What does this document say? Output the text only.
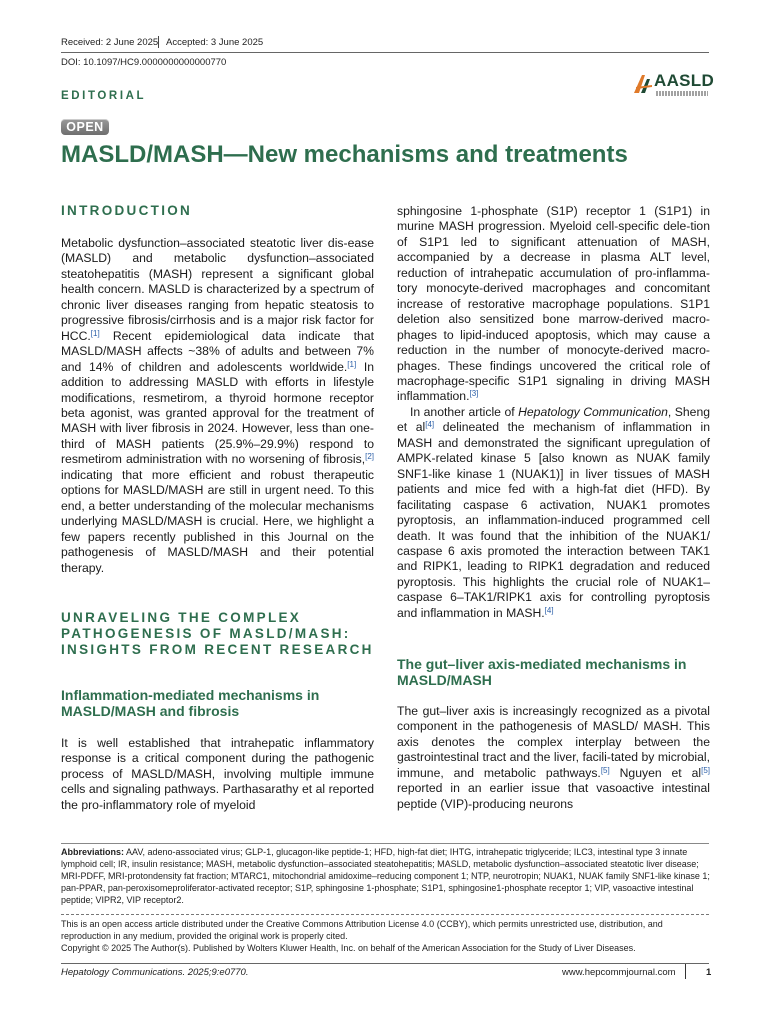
Received: 2 June 2025 Accepted: 3 June 2025
DOI: 10.1097/HC9.0000000000000770
AASLD
EDITORIAL
OPEN
MASLD/MASH—New mechanisms and treatments
INTRODUCTION

Metabolic dysfunction–associated steatotic liver dis-ease (MASLD) and metabolic dysfunction–associated steatohepatitis (MASH) represent a significant global health concern. MASLD is characterized by a spectrum of chronic liver diseases ranging from hepatic steatosis to progressive fibrosis/cirrhosis and is a major risk factor for HCC.[1] Recent epidemiological data indicate that MASLD/MASH affects ~38% of adults and between 7% and 14% of children and adolescents worldwide.[1] In addition to addressing MASLD with efforts in lifestyle modifications, resmetirom, a thyroid hormone receptor beta agonist, was granted approval for the treatment of MASH with liver fibrosis in 2024. However, less than one-third of MASH patients (25.9%–29.9%) respond to resmetirom administration with no worsening of fibrosis,[2] indicating that more efficient and robust therapeutic options for MASLD/MASH are still in urgent need. To this end, a better understanding of the molecular mechanisms underlying MASLD/MASH is crucial. Here, we highlight a few papers recently published in this Journal on the pathogenesis of MASLD/MASH and their potential therapy.

UNRAVELING THE COMPLEX PATHOGENESIS OF MASLD/MASH: INSIGHTS FROM RECENT RESEARCH
Inflammation-mediated mechanisms in MASLD/MASH and fibrosis

It is well established that intrahepatic inflammatory response is a critical component during the pathogenic process of MASLD/MASH, involving multiple immune cells and signaling pathways. Parthasarathy et al reported the pro-inflammatory role of myeloid

sphingosine 1-phosphate (S1P) receptor 1 (S1P1) in murine MASH progression. Myeloid cell-specific dele-tion of S1P1 led to significant attenuation of MASH, accompanied by a decrease in plasma ALT level, reduction of intrahepatic accumulation of pro-inflamma-tory monocyte-derived macrophages and concomitant increase of restorative macrophage populations. S1P1 deletion also sensitized bone marrow-derived macro-phages to lipid-induced apoptosis, which may cause a reduction in the number of monocyte-derived macro-phages. These findings uncovered the critical role of macrophage-specific S1P1 signaling in driving MASH inflammation.[3]

In another article of Hepatology Communication, Sheng et al[4] delineated the mechanism of inflammation in MASH and demonstrated the significant upregulation of AMPK-related kinase 5 [also known as NUAK family SNF1-like kinase 1 (NUAK1)] in liver tissues of MASH patients and mice fed with a high-fat diet (HFD). By facilitating caspase 6 activation, NUAK1 promotes pyroptosis, an inflammation-induced programmed cell death. It was found that the inhibition of the NUAK1/ caspase 6 axis promoted the interaction between TAK1 and RIPK1, leading to RIPK1 degradation and reduced pyroptosis. This highlights the crucial role of NUAK1–caspase 6–TAK1/RIPK1 axis for controlling pyroptosis and inflammation in MASH.[4]

The gut–liver axis-mediated mechanisms in MASLD/MASH

The gut–liver axis is increasingly recognized as a pivotal component in the pathogenesis of MASLD/ MASH. This axis denotes the complex interplay between the gastrointestinal tract and the liver, facili-tated by microbial, immune, and metabolic pathways.[5] Nguyen et al[5] reported in an earlier issue that vasoactive intestinal peptide (VIP)-producing neurons

Abbreviations: AAV, adeno-associated virus; GLP-1, glucagon-like peptide-1; HFD, high-fat diet; IHTG, intrahepatic triglyceride; ILC3, intestinal type 3 innate lymphoid cell; IR, insulin resistance; MASH, metabolic dysfunction–associated steatohepatitis; MASLD, metabolic dysfunction–associated steatotic liver disease; MRI-PDFF, MRI-protondensity fat fraction; MTARC1, mitochondrial amidoxime–reducing component 1; NTP, neurotropin; NUAK1, NUAK family SNF1-like kinase 1; pan-PPAR, pan-peroxisomeproliferator-activated receptor; S1P, sphingosine 1-phosphate; S1P1, sphingosine1-phosphate receptor 1; VIP, vasoactive intestinal peptide; VIPR2, VIP receptor2.

This is an open access article distributed under the Creative Commons Attribution License 4.0 (CCBY), which permits unrestricted use, distribution, and reproduction in any medium, provided the original work is properly cited.

Copyright © 2025 The Author(s). Published by Wolters Kluwer Health, Inc. on behalf of the American Association for the Study of Liver Diseases.

Hepatology Communications. 2025;9:e0770.	www.hepcommjournal.com	1
